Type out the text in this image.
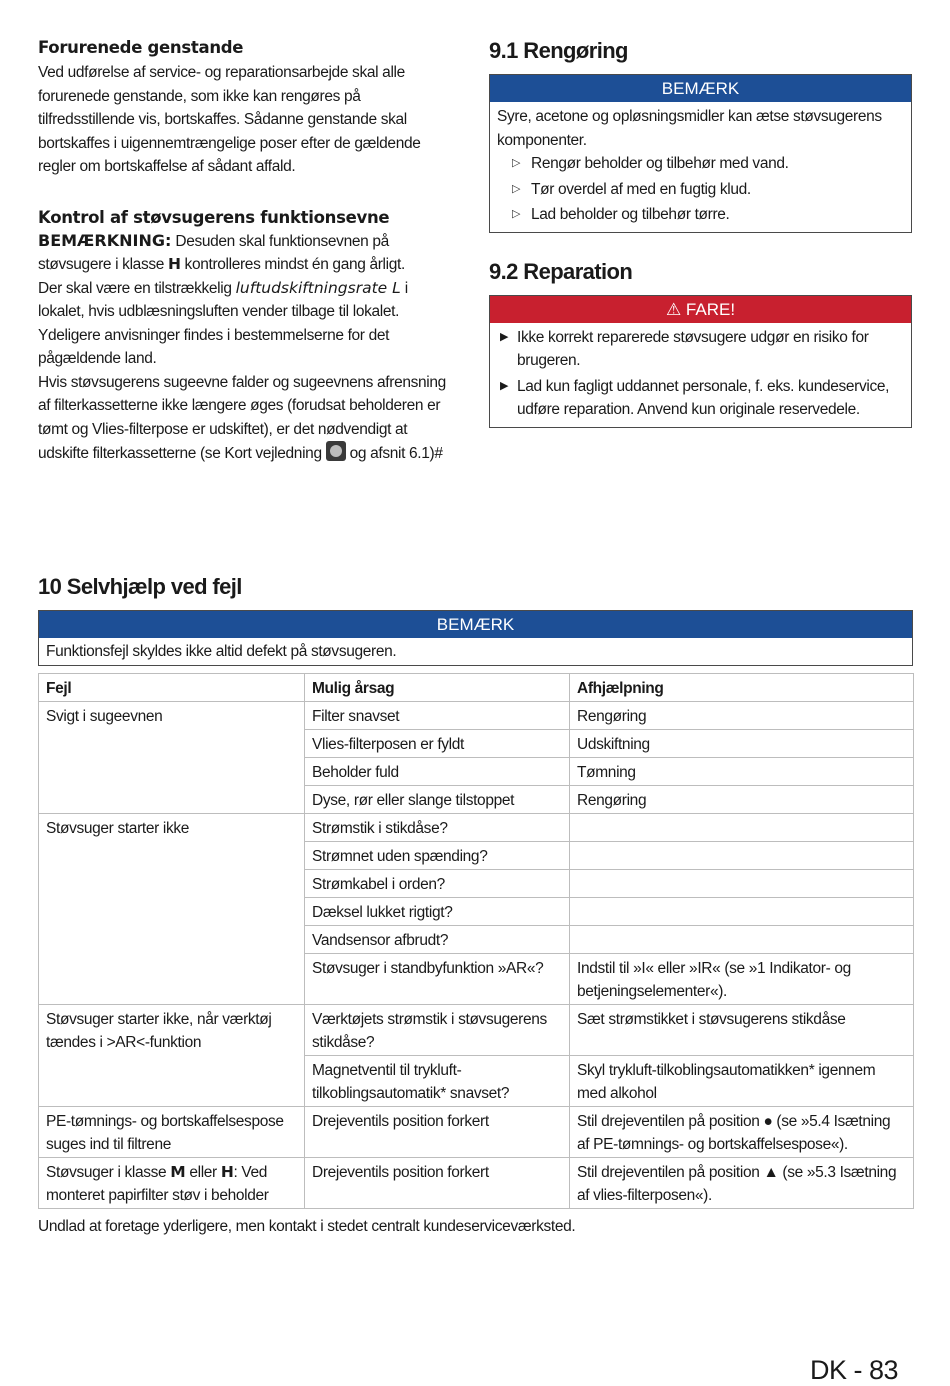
Forurenede genstande

Ved udførelse af service- og reparationsarbejde skal alle forurenede genstande, som ikke kan rengøres på tilfredsstillende vis, bortskaffes. Sådanne genstande skal bortskaffes i uigennemtrængelige poser efter de gældende regler om bortskaffelse af sådant affald.

Kontrol af støvsugerens funktionsevne

BEMÆRKNING: Desuden skal funktionsevnen på støvsugere i klasse H kontrolleres mindst én gang årligt.

Der skal være en tilstrækkelig luftudskiftningsrate L i lokalet, hvis udblæsningsluften vender tilbage til lokalet. Ydeligere anvisninger findes i bestemmelserne for det pågældende land.

Hvis støvsugerens sugeevne falder og sugeevnens afrensning af filterkassetterne ikke længere øges (forudsat beholderen er tømt og Vlies-filterpose er udskiftet), er det nødvendigt at udskifte filterkassetterne (se Kort vejledning  og afsnit 6.1)#

9.1 Rengøring
BEMÆRK
Syre, acetone og opløsningsmidler kan ætse støvsugerens komponenter.
▷ Rengør beholder og tilbehør med vand.
▷ Tør overdel af med en fugtig klud.
▷ Lad beholder og tilbehør tørre.
9.2 Reparation
⚠ FARE!
▶ Ikke korrekt reparerede støvsugere udgør en risiko for brugeren.
▶ Lad kun fagligt uddannet personale, f. eks. kundeservice, udføre reparation. Anvend kun originale reservedele.
10 Selvhjælp ved fejl
BEMÆRK
Funktionsfejl skyldes ikke altid defekt på støvsugeren.
Fejl	Mulig årsag	Afhjælpning
Svigt i sugeevnen	Filter snavset	Rengøring
	Vlies-filterposen er fyldt	Udskiftning
	Beholder fuld	Tømning
	Dyse, rør eller slange tilstoppet	Rengøring
Støvsuger starter ikke	Strømstik i stikdåse?	
	Strømnet uden spænding?	
	Strømkabel i orden?	
	Dæksel lukket rigtigt?	
	Vandsensor afbrudt?	
	Støvsuger i standbyfunktion »AR«?	Indstil til »I« eller »IR« (se »1 Indikator- og betjeningselementer«).
Støvsuger starter ikke, når værktøj tændes i >AR<-funktion	Værktøjets strømstik i støvsugerens stikdåse?	Sæt strømstikket i støvsugerens stikdåse
	Magnetventil til trykluft-tilkoblingsautomatik* snavset?	Skyl trykluft-tilkoblingsautomatikken* igennem med alkohol
PE-tømnings- og bortskaffelsespose suges ind til filtrene	Drejeventils position forkert	Stil drejeventilen på position ● (se »5.4 Isætning af PE-tømnings- og bortskaffelsespose«).
Støvsuger i klasse M eller H: Ved monteret papirfilter støv i beholder	Drejeventils position forkert	Stil drejeventilen på position ▲ (se »5.3 Isætning af vlies-filterposen«).
Undlad at foretage yderligere, men kontakt i stedet centralt kundeserviceværksted.
DK - 83
